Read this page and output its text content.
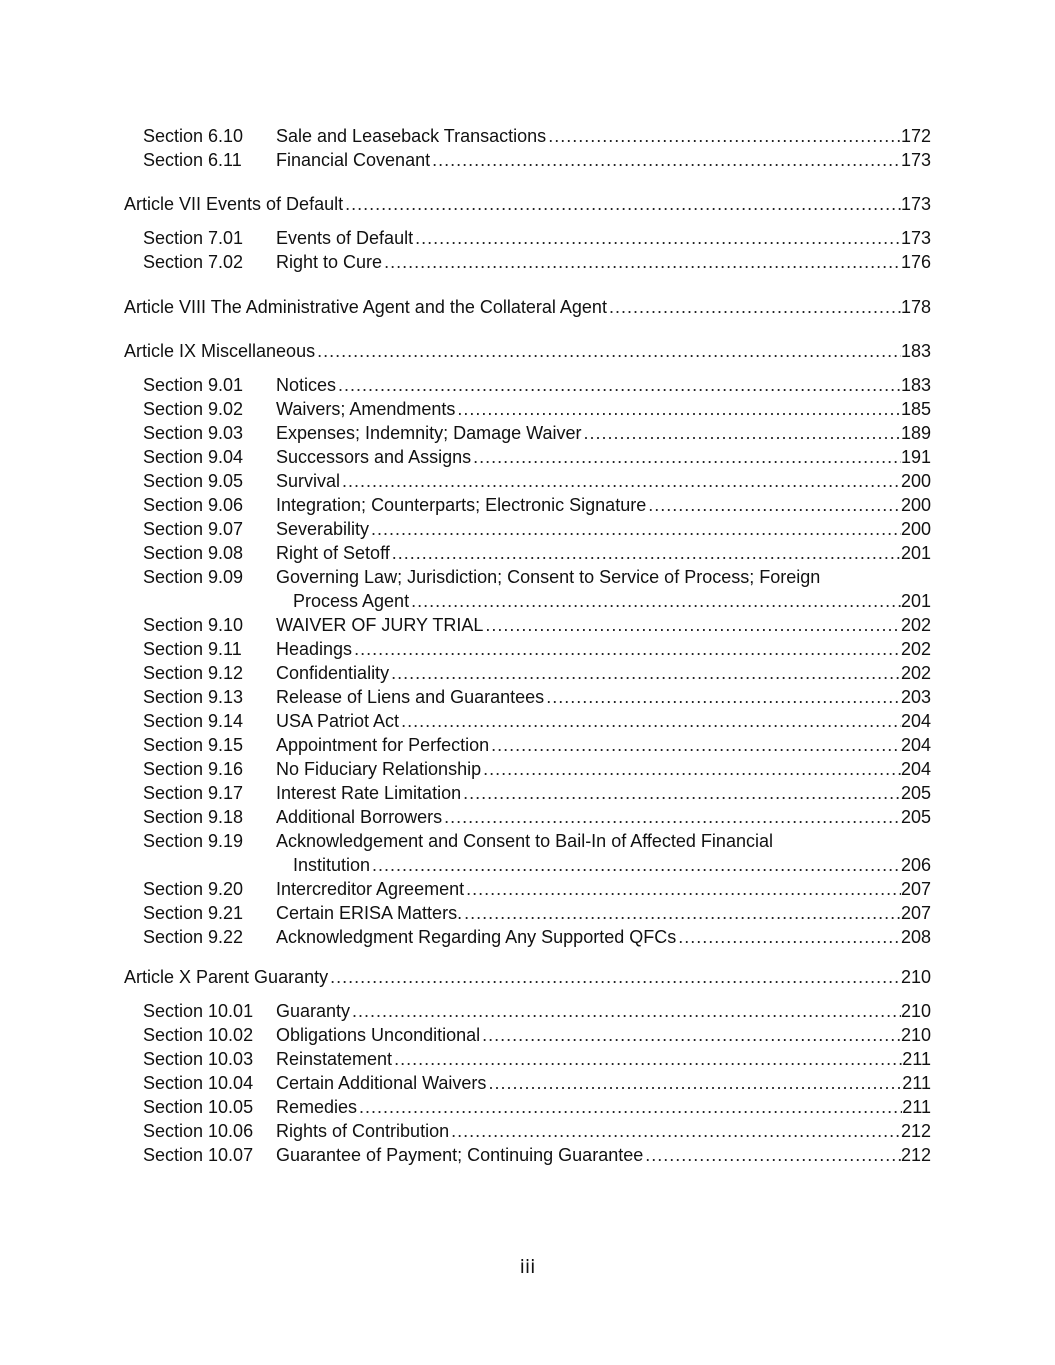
Section 6.10	Sale and Leaseback Transactions .....	172
Section 6.11	Financial Covenant .....	173
Article VII Events of Default .....	173
Section 7.01	Events of Default .....	173
Section 7.02	Right to Cure .....	176
Article VIII The Administrative Agent and the Collateral Agent .....	178
Article IX Miscellaneous .....	183
Section 9.01	Notices .....	183
Section 9.02	Waivers; Amendments .....	185
Section 9.03	Expenses; Indemnity; Damage Waiver .....	189
Section 9.04	Successors and Assigns .....	191
Section 9.05	Survival .....	200
Section 9.06	Integration; Counterparts; Electronic Signature .....	200
Section 9.07	Severability .....	200
Section 9.08	Right of Setoff .....	201
Section 9.09	Governing Law; Jurisdiction; Consent to Service of Process; Foreign
Process Agent .....	201
Section 9.10	WAIVER OF JURY TRIAL .....	202
Section 9.11	Headings .....	202
Section 9.12	Confidentiality .....	202
Section 9.13	Release of Liens and Guarantees .....	203
Section 9.14	USA Patriot Act .....	204
Section 9.15	Appointment for Perfection .....	204
Section 9.16	No Fiduciary Relationship .....	204
Section 9.17	Interest Rate Limitation .....	205
Section 9.18	Additional Borrowers .....	205
Section 9.19	Acknowledgement and Consent to Bail-In of Affected Financial
Institution .....	206
Section 9.20	Intercreditor Agreement .....	207
Section 9.21	Certain ERISA Matters. .....	207
Section 9.22	Acknowledgment Regarding Any Supported QFCs .....	208
Article X Parent Guaranty .....	210
Section 10.01	Guaranty .....	210
Section 10.02	Obligations Unconditional .....	210
Section 10.03	Reinstatement .....	211
Section 10.04	Certain Additional Waivers .....	211
Section 10.05	Remedies .....	211
Section 10.06	Rights of Contribution .....	212
Section 10.07	Guarantee of Payment; Continuing Guarantee .....	212
iii
